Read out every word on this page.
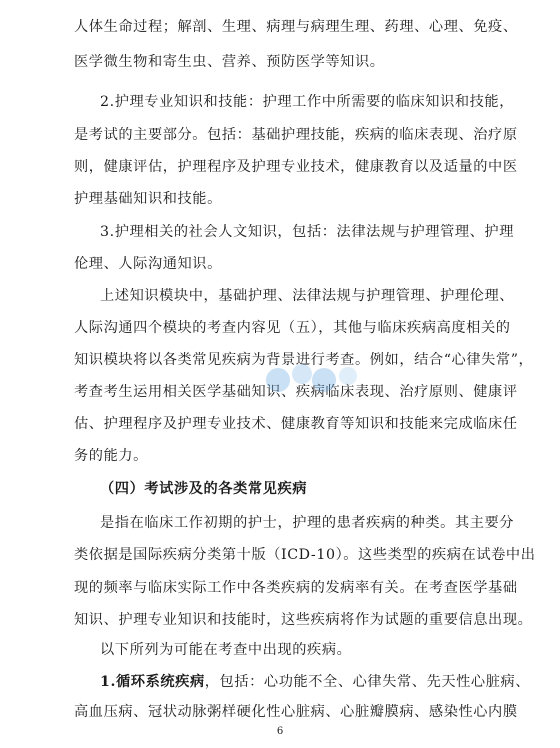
人体生命过程；解剖、生理、病理与病理生理、药理、心理、免疫、
医学微生物和寄生虫、营养、预防医学等知识。
2.护理专业知识和技能：护理工作中所需要的临床知识和技能，
是考试的主要部分。包括：基础护理技能，疾病的临床表现、治疗原
则，健康评估，护理程序及护理专业技术，健康教育以及适量的中医
护理基础知识和技能。
3.护理相关的社会人文知识，包括：法律法规与护理管理、护理
伦理、人际沟通知识。
上述知识模块中，基础护理、法律法规与护理管理、护理伦理、
人际沟通四个模块的考查内容见（五），其他与临床疾病高度相关的
知识模块将以各类常见疾病为背景进行考查。例如，结合“心律失常”，
考查考生运用相关医学基础知识、疾病临床表现、治疗原则、健康评
估、护理程序及护理专业技术、健康教育等知识和技能来完成临床任
务的能力。
（四）考试涉及的各类常见疾病
是指在临床工作初期的护士，护理的患者疾病的种类。其主要分
类依据是国际疾病分类第十版（ICD-10）。这些类型的疾病在试卷中出
现的频率与临床实际工作中各类疾病的发病率有关。在考查医学基础
知识、护理专业知识和技能时，这些疾病将作为试题的重要信息出现。
以下所列为可能在考查中出现的疾病。
1.循环系统疾病，包括：心功能不全、心律失常、先天性心脏病、
高血压病、冠状动脉粥样硬化性心脏病、心脏瓣膜病、感染性心内膜
6
